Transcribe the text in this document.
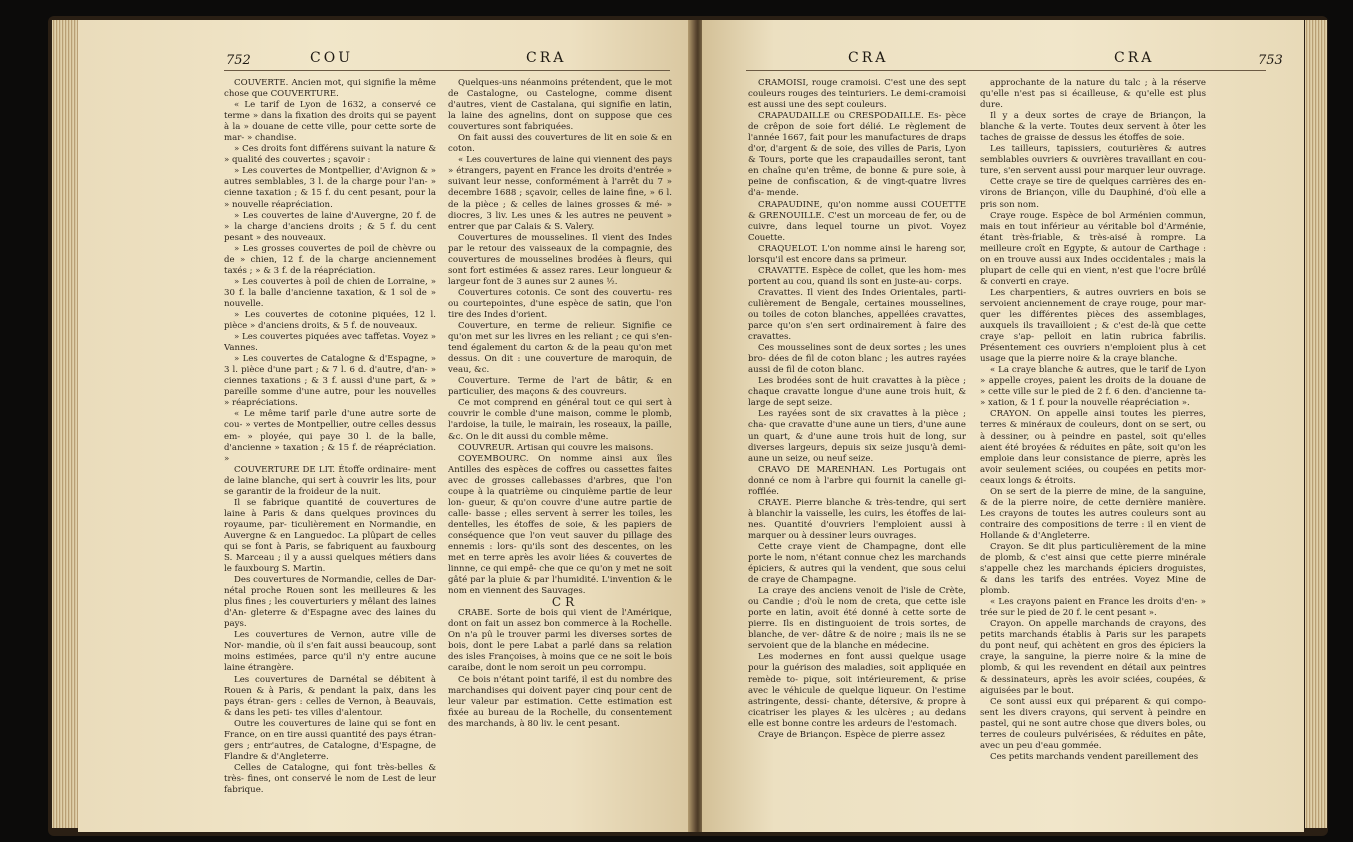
752	COU	CRA

COUVERTE. Ancien mot, qui signifie la même chose que COUVERTURE.

« Le tarif de Lyon de 1632, a conservé ce terme » dans la fixation des droits qui se payent à la » douane de cette ville, pour cette sorte de mar- » chandise.

» Ces droits font différens suivant la nature & » qualité des couvertes ; sçavoir :

» Les couvertes de Montpellier, d'Avignon & » autres semblables, 3 l. de la charge pour l'an- » cienne taxation ; & 15 f. du cent pesant, pour la » nouvelle réapréciation.

» Les couvertes de laine d'Auvergne, 20 f. de » la charge d'anciens droits ; & 5 f. du cent pesant » des nouveaux.

» Les grosses couvertes de poil de chèvre ou de » chien, 12 f. de la charge anciennement taxés ; » & 3 f. de la réapréciation.

» Les couvertes à poil de chien de Lorraine, » 30 f. la balle d'ancienne taxation, & 1 sol de » nouvelle.

» Les couvertes de cotonine piquées, 12 l. pièce » d'anciens droits, & 5 f. de nouveaux.

» Les couvertes piquées avec taffetas. Voyez » Vannes.

» Les couvertes de Catalogne & d'Espagne, » 3 l. pièce d'une part ; & 7 l. 6 d. d'autre, d'an- » ciennes taxations ; & 3 f. aussi d'une part, & » pareille somme d'une autre, pour les nouvelles » réapréciations.

« Le même tarif parle d'une autre sorte de cou- » vertes de Montpellier, outre celles dessus em- » ployée, qui paye 30 l. de la balle, d'ancienne » taxation ; & 15 f. de réapréciation. »

COUVERTURE DE LIT. Étoffe ordinaire- ment de laine blanche, qui sert à couvrir les lits, pour se garantir de la froideur de la nuit.

Il se fabrique quantité de couvertures de laine à Paris & dans quelques provinces du royaume, par- ticulièrement en Normandie, en Auvergne & en Languedoc. La plûpart de celles qui se font à Paris, se fabriquent au fauxbourg S. Marceau ; il y a aussi quelques métiers dans le fauxbourg S. Martin.

Des couvertures de Normandie, celles de Dar- nétal proche Rouen sont les meilleures & les plus fines ; les couverturiers y mêlant des laines d'An- gleterre & d'Espagne avec des laines du pays.

Les couvertures de Vernon, autre ville de Nor- mandie, où il s'en fait aussi beaucoup, sont moins estimées, parce qu'il n'y entre aucune laine étrangère.

Les couvertures de Darnétal se débitent à Rouen & à Paris, & pendant la paix, dans les pays étran- gers : celles de Vernon, à Beauvais, & dans les peti- tes villes d'alentour.

Outre les couvertures de laine qui se font en France, on en tire aussi quantité des pays étran- gers ; entr'autres, de Catalogne, d'Espagne, de Flandre & d'Angleterre.

Celles de Catalogne, qui font très-belles & très- fines, ont conservé le nom de Lest de leur fabrique.

Quelques-uns néanmoins prétendent, que le mot de Castalogne, ou Castelogne, comme disent d'autres, vient de Castalana, qui signifie en latin, la laine des agnelins, dont on suppose que ces couvertures sont fabriquées.

On fait aussi des couvertures de lit en soie & en coton.

« Les couvertures de laine qui viennent des pays » étrangers, payent en France les droits d'entrée » suivant leur nesse, conformément à l'arrêt du 7 » decembre 1688 ; sçavoir, celles de laine fine, » 6 l. de la pièce ; & celles de laines grosses & mé- » diocres, 3 liv. Les unes & les autres ne peuvent » entrer que par Calais & S. Valery.

Couvertures de mousselines. Il vient des Indes par le retour des vaisseaux de la compagnie, des couvertures de mousselines brodées à fleurs, qui sont fort estimées & assez rares. Leur longueur & largeur font de 3 aunes sur 2 aunes ½.

Couvertures cotonis. Ce sont des couvertu- res ou courtepointes, d'une espèce de satin, que l'on tire des Indes d'orient.

Couverture, en terme de relieur. Signifie ce qu'on met sur les livres en les reliant ; ce qui s'en- tend également du carton & de la peau qu'on met dessus. On dit : une couverture de maroquin, de veau, &c.

Couverture. Terme de l'art de bâtir, & en particulier, des maçons & des couvreurs.

Ce mot comprend en général tout ce qui sert à couvrir le comble d'une maison, comme le plomb, l'ardoise, la tuile, le mairain, les roseaux, la paille, &c. On le dit aussi du comble même.

COUVREUR. Artisan qui couvre les maisons.

COYEMBOURC. On nomme ainsi aux îles Antilles des espèces de coffres ou cassettes faites avec de grosses callebasses d'arbres, que l'on coupe à la quatrième ou cinquième partie de leur lon- gueur, & qu'on couvre d'une autre partie de calle- basse ; elles servent à serrer les toiles, les dentelles, les étoffes de soie, & les papiers de conséquence que l'on veut sauver du pillage des ennemis : lors- qu'ils sont des descentes, on les met en terre après les avoir liées & couvertes de linnne, ce qui empê- che que ce qu'on y met ne soit gâté par la pluie & par l'humidité. L'invention & le nom en viennent des Sauvages.

CR

CRABE. Sorte de bois qui vient de l'Amérique, dont on fait un assez bon commerce à la Rochelle. On n'a pû le trouver parmi les diverses sortes de bois, dont le pere Labat a parlé dans sa relation des isles Françoises, à moins que ce ne soit le bois caraibe, dont le nom seroit un peu corrompu.

Ce bois n'étant point tarifé, il est du nombre des marchandises qui doivent payer cinq pour cent de leur valeur par estimation. Cette estimation est fixée au bureau de la Rochelle, du consentement des marchands, à 80 liv. le cent pesant.

CRA	CRA	753

CRAMOISI, rouge cramoisi. C'est une des sept couleurs rouges des teinturiers. Le demi-cramoisi est aussi une des sept couleurs.

CRAPAUDAILLE ou CRESPODAILLE. Es- pèce de crêpon de soie fort délié. Le règlement de l'année 1667, fait pour les manufactures de draps d'or, d'argent & de soie, des villes de Paris, Lyon & Tours, porte que les crapaudailles seront, tant en chaîne qu'en trême, de bonne & pure soie, à peine de confiscation, & de vingt-quatre livres d'a- mende.

CRAPAUDINE, qu'on nomme aussi COUETTE & GRENOUILLE. C'est un morceau de fer, ou de cuivre, dans lequel tourne un pivot. Voyez Couette.

CRAQUELOT. L'on nomme ainsi le hareng sor, lorsqu'il est encore dans sa primeur.

CRAVATTE. Espèce de collet, que les hom- mes portent au cou, quand ils sont en juste-au- corps.

Cravattes. Il vient des Indes Orientales, parti- culièrement de Bengale, certaines mousselines, ou toiles de coton blanches, appellées cravattes, parce qu'on s'en sert ordinairement à faire des cravattes.

Ces mousselines sont de deux sortes ; les unes bro- dées de fil de coton blanc ; les autres rayées aussi de fil de coton blanc.

Les brodées sont de huit cravattes à la pièce ; chaque cravatte longue d'une aune trois huit, & large de sept seize.

Les rayées sont de six cravattes à la pièce ; cha- que cravatte d'une aune un tiers, d'une aune un quart, & d'une aune trois huit de long, sur diverses largeurs, depuis six seize jusqu'à demi-aune un seize, ou neuf seize.

CRAVO DE MARENHAN. Les Portugais ont donné ce nom à l'arbre qui fournit la canelle gi- rofflée.

CRAYE. Pierre blanche & très-tendre, qui sert à blanchir la vaisselle, les cuirs, les étoffes de lai- nes. Quantité d'ouvriers l'emploient aussi à marquer ou à dessiner leurs ouvrages.

Cette craye vient de Champagne, dont elle porte le nom, n'étant connue chez les marchands épiciers, & autres qui la vendent, que sous celui de craye de Champagne.

La craye des anciens venoit de l'isle de Crète, ou Candie ; d'où le nom de creta, que cette isle porte en latin, avoit été donné à cette sorte de pierre. Ils en distinguoient de trois sortes, de blanche, de ver- dâtre & de noire ; mais ils ne se servoient que de la blanche en médecine.

Les modernes en font aussi quelque usage pour la guérison des maladies, soit appliquée en remède to- pique, soit intérieurement, & prise avec le véhicule de quelque liqueur. On l'estime astringente, dessi- chante, détersive, & propre à cicatriser les playes & les ulcères ; au dedans elle est bonne contre les ardeurs de l'estomach.

Craye de Briançon. Espèce de pierre assez

approchante de la nature du talc ; à la réserve qu'elle n'est pas si écailleuse, & qu'elle est plus dure.

Il y a deux sortes de craye de Briançon, la blanche & la verte. Toutes deux servent à ôter les taches de graisse de dessus les étoffes de soie.

Les tailleurs, tapissiers, couturières & autres semblables ouvriers & ouvrières travaillant en cou- ture, s'en servent aussi pour marquer leur ouvrage.

Cette craye se tire de quelques carrières des en- virons de Briançon, ville du Dauphiné, d'où elle a pris son nom.

Craye rouge. Espèce de bol Arménien commun, mais en tout inférieur au véritable bol d'Arménie, étant très-friable, & très-aisé à rompre. La meilleure croît en Egypte, & autour de Carthage : on en trouve aussi aux Indes occidentales ; mais la plupart de celle qui en vient, n'est que l'ocre brûlé & converti en craye.

Les charpentiers, & autres ouvriers en bois se servoient anciennement de craye rouge, pour mar- quer les différentes pièces des assemblages, auxquels ils travailloient ; & c'est de-là que cette craye s'ap- pelloit en latin rubrica fabrilis. Présentement ces ouvriers n'emploient plus à cet usage que la pierre noire & la craye blanche.

« La craye blanche & autres, que le tarif de Lyon » appelle croyes, paient les droits de la douane de » cette ville sur le pied de 2 f. 6 den. d'ancienne ta- » xation, & 1 f. pour la nouvelle réapréciation ».

CRAYON. On appelle ainsi toutes les pierres, terres & minéraux de couleurs, dont on se sert, ou à dessiner, ou à peindre en pastel, soit qu'elles aient été broyées & réduites en pâte, soit qu'on les emploie dans leur consistance de pierre, après les avoir seulement sciées, ou coupées en petits mor- ceaux longs & étroits.

On se sert de la pierre de mine, de la sanguine, & de la pierre noire, de cette dernière manière. Les crayons de toutes les autres couleurs sont au contraire des compositions de terre : il en vient de Hollande & d'Angleterre.

Crayon. Se dit plus particulièrement de la mine de plomb, & c'est ainsi que cette pierre minérale s'appelle chez les marchands épiciers droguistes, & dans les tarifs des entrées. Voyez Mine de plomb.

« Les crayons paient en France les droits d'en- » trée sur le pied de 20 f. le cent pesant ».

Crayon. On appelle marchands de crayons, des petits marchands établis à Paris sur les parapets du pont neuf, qui achètent en gros des épiciers la craye, la sanguine, la pierre noire & la mine de plomb, & qui les revendent en détail aux peintres & dessinateurs, après les avoir sciées, coupées, & aiguisées par le bout.

Ce sont aussi eux qui préparent & qui compo- sent les divers crayons, qui servent à peindre en pastel, qui ne sont autre chose que divers boles, ou terres de couleurs pulvérisées, & réduites en pâte, avec un peu d'eau gommée.

Ces petits marchands vendent pareillement des
